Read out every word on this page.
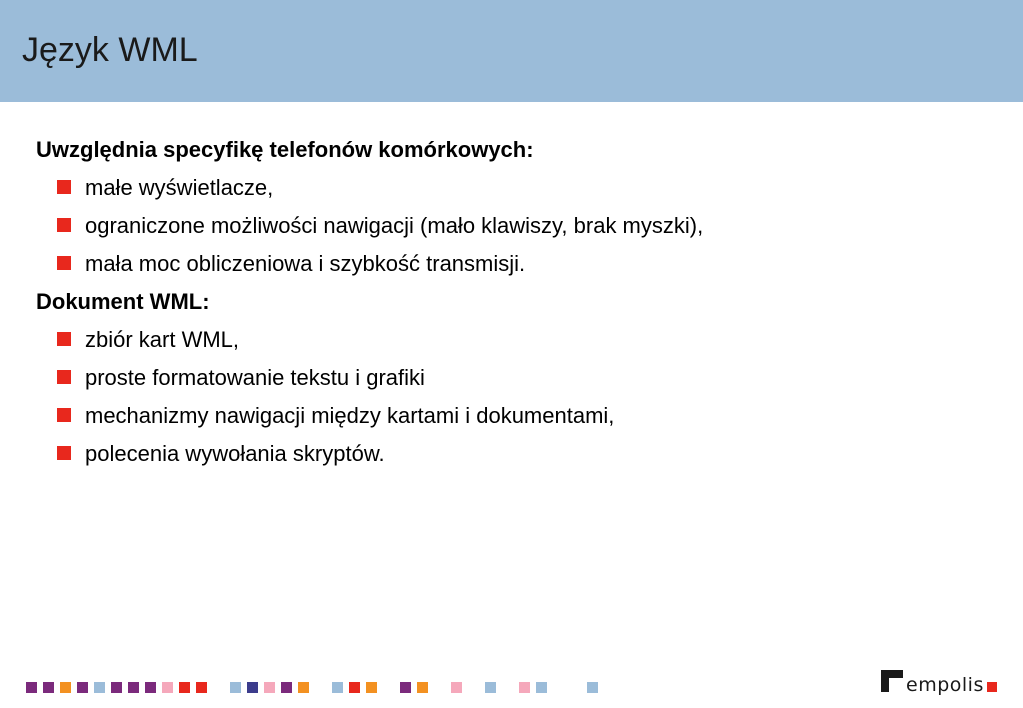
Język WML
Uwzględnia specyfikę telefonów komórkowych:
małe wyświetlacze,
ograniczone możliwości nawigacji (mało klawiszy, brak myszki),
mała moc obliczeniowa i szybkość transmisji.
Dokument WML:
zbiór kart WML,
proste formatowanie tekstu i grafiki
mechanizmy nawigacji między kartami i dokumentami,
polecenia wywołania skryptów.
empolis
